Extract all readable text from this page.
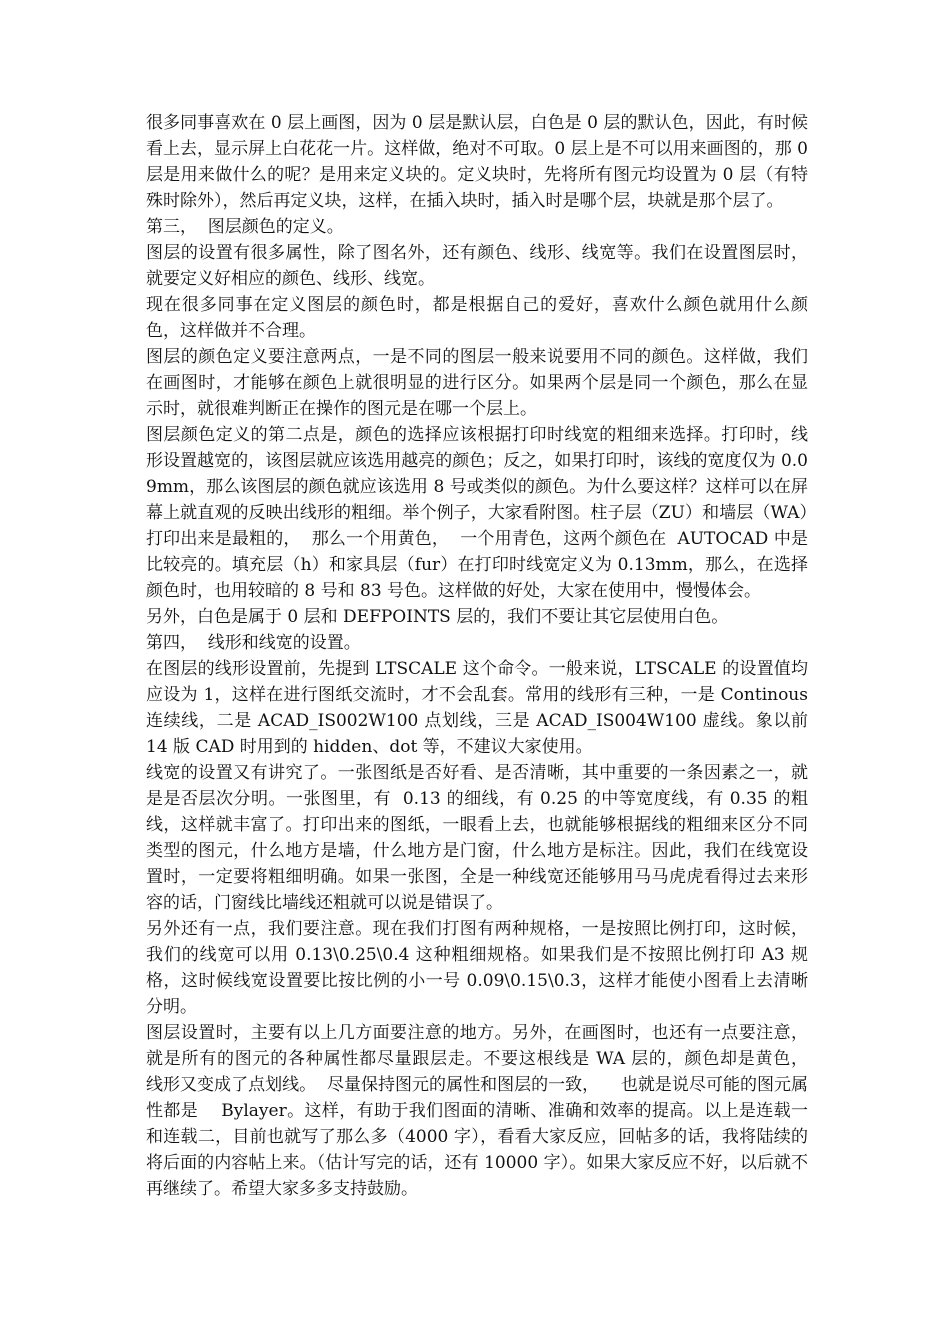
很多同事喜欢在 0 层上画图，因为 0 层是默认层，白色是 0 层的默认色，因此，有时候看上去，显示屏上白花花一片。这样做，绝对不可取。0 层上是不可以用来画图的，那 0 层是用来做什么的呢？是用来定义块的。定义块时，先将所有图元均设置为 0 层（有特殊时除外），然后再定义块，这样，在插入块时，插入时是哪个层，块就是那个层了。

第三，  图层颜色的定义。

图层的设置有很多属性，除了图名外，还有颜色、线形、线宽等。我们在设置图层时，就要定义好相应的颜色、线形、线宽。

现在很多同事在定义图层的颜色时，都是根据自己的爱好，喜欢什么颜色就用什么颜色，这样做并不合理。

图层的颜色定义要注意两点，一是不同的图层一般来说要用不同的颜色。这样做，我们在画图时，才能够在颜色上就很明显的进行区分。如果两个层是同一个颜色，那么在显示时，就很难判断正在操作的图元是在哪一个层上。

图层颜色定义的第二点是，颜色的选择应该根据打印时线宽的粗细来选择。打印时，线形设置越宽的，该图层就应该选用越亮的颜色；反之，如果打印时，该线的宽度仅为 0.09mm，那么该图层的颜色就应该选用 8 号或类似的颜色。为什么要这样？这样可以在屏幕上就直观的反映出线形的粗细。举个例子，大家看附图。柱子层（ZU）和墙层（WA）打印出来是最粗的，  那么一个用黄色，  一个用青色，这两个颜色在  AUTOCAD 中是比较亮的。填充层（h）和家具层（fur）在打印时线宽定义为 0.13mm，那么，在选择颜色时，也用较暗的 8 号和 83 号色。这样做的好处，大家在使用中，慢慢体会。

另外，白色是属于 0 层和 DEFPOINTS 层的，我们不要让其它层使用白色。

第四，  线形和线宽的设置。

在图层的线形设置前，先提到 LTSCALE 这个命令。一般来说，LTSCALE 的设置值均应设为 1，这样在进行图纸交流时，才不会乱套。常用的线形有三种，一是 Continous 连续线，二是 ACAD_IS002W100 点划线，三是 ACAD_IS004W100 虚线。象以前 14 版 CAD 时用到的 hidden、dot 等，不建议大家使用。

线宽的设置又有讲究了。一张图纸是否好看、是否清晰，其中重要的一条因素之一，就是是否层次分明。一张图里，有  0.13 的细线，有 0.25 的中等宽度线，有 0.35 的粗线，这样就丰富了。打印出来的图纸，一眼看上去，也就能够根据线的粗细来区分不同类型的图元，什么地方是墙，什么地方是门窗，什么地方是标注。因此，我们在线宽设置时，一定要将粗细明确。如果一张图，全是一种线宽还能够用马马虎虎看得过去来形容的话，门窗线比墙线还粗就可以说是错误了。

另外还有一点，我们要注意。现在我们打图有两种规格，一是按照比例打印，这时候，我们的线宽可以用 0.13\0.25\0.4 这种粗细规格。如果我们是不按照比例打印 A3 规格，这时候线宽设置要比按比例的小一号 0.09\0.15\0.3，这样才能使小图看上去清晰分明。

图层设置时，主要有以上几方面要注意的地方。另外，在画图时，也还有一点要注意，就是所有的图元的各种属性都尽量跟层走。不要这根线是 WA 层的，颜色却是黄色，  线形又变成了点划线。  尽量保持图元的属性和图层的一致，    也就是说尽可能的图元属性都是    Bylayer。这样，有助于我们图面的清晰、准确和效率的提高。以上是连载一和连载二，目前也就写了那么多（4000 字），看看大家反应，回帖多的话，我将陆续的将后面的内容帖上来。（估计写完的话，还有 10000 字）。如果大家反应不好，以后就不再继续了。希望大家多多支持鼓励。
